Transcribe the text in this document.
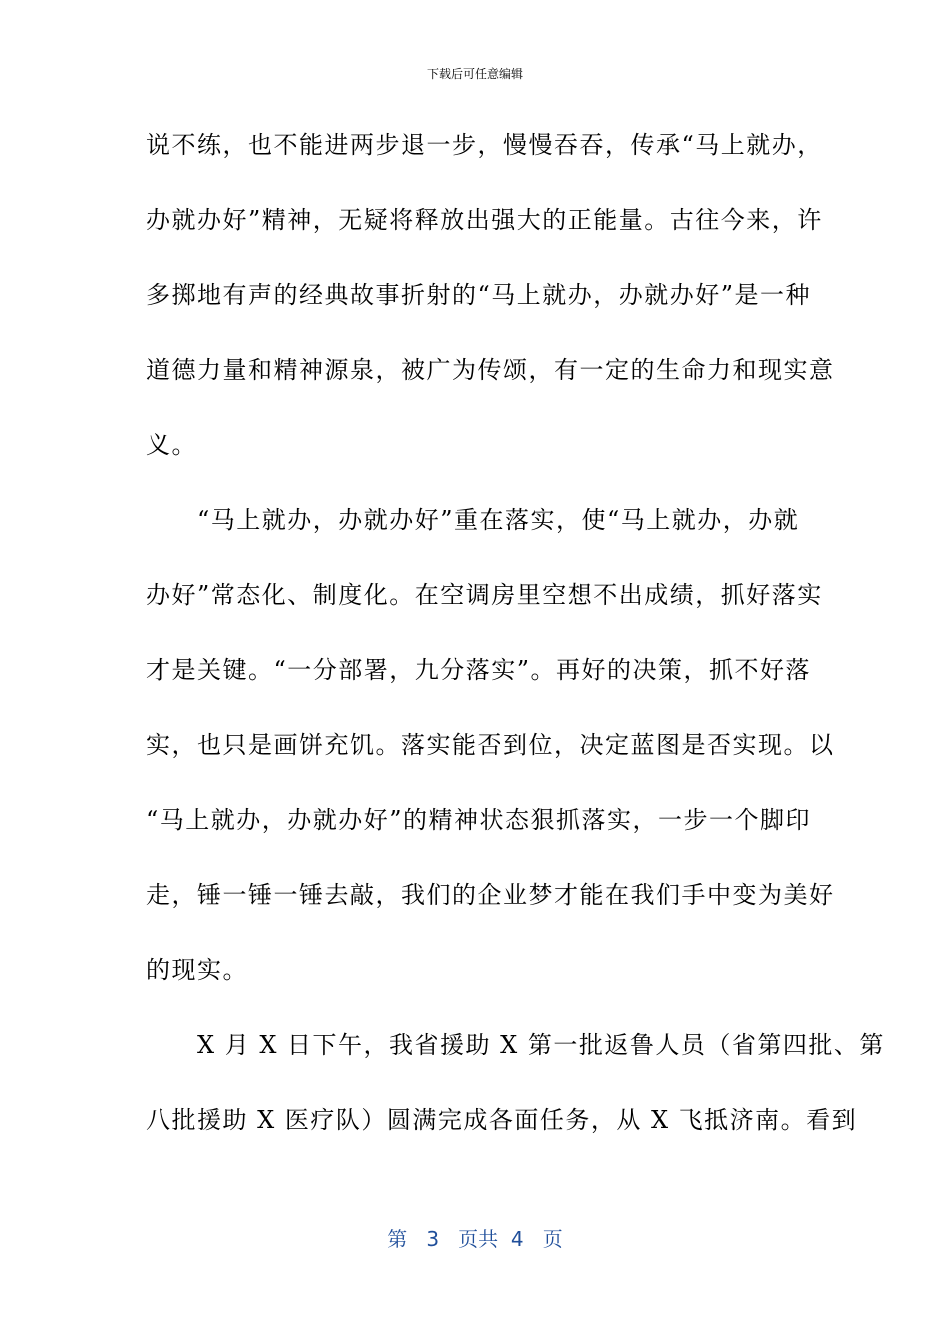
下载后可任意编辑
说不练，也不能进两步退一步，慢慢吞吞，传承“马上就办，
办就办好”精神，无疑将释放出强大的正能量。古往今来，许
多掷地有声的经典故事折射的“马上就办，办就办好”是一种
道德力量和精神源泉，被广为传颂，有一定的生命力和现实意
义。
　　“马上就办，办就办好”重在落实，使“马上就办，办就
办好”常态化、制度化。在空调房里空想不出成绩，抓好落实
才是关键。“一分部署，九分落实”。再好的决策，抓不好落
实，也只是画饼充饥。落实能否到位，决定蓝图是否实现。以
“马上就办，办就办好”的精神状态狠抓落实，一步一个脚印
走，锤一锤一锤去敲，我们的企业梦才能在我们手中变为美好
的现实。
　　X 月 X 日下午，我省援助 X 第一批返鲁人员（省第四批、第
八批援助 X 医疗队）圆满完成各面任务，从 X 飞抵济南。看到
第 3 页共 4 页
